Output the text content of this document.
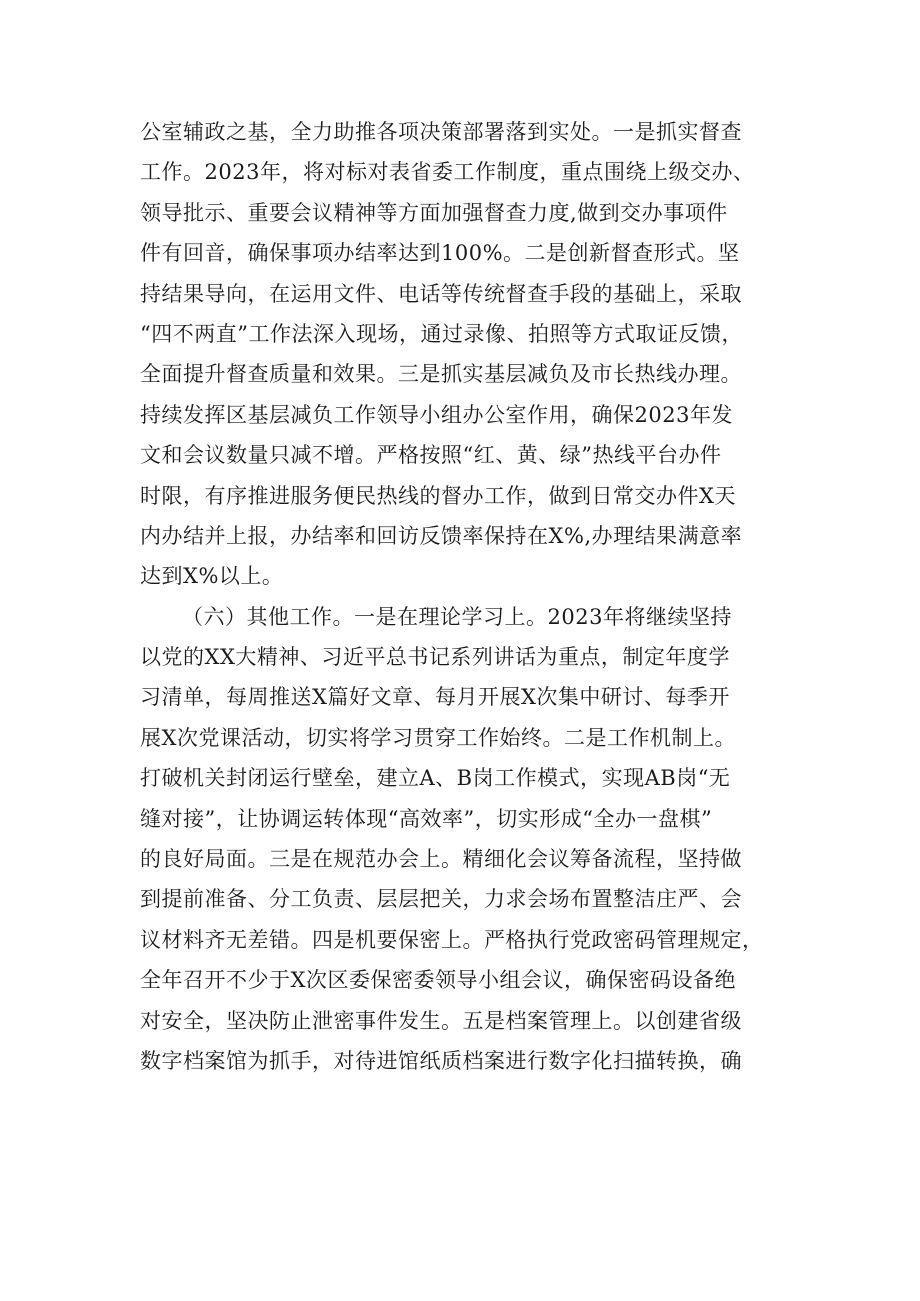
公室辅政之基，全力助推各项决策部署落到实处。一是抓实督查
工作。2023年，将对标对表省委工作制度，重点围绕上级交办、
领导批示、重要会议精神等方面加强督查力度,做到交办事项件
件有回音，确保事项办结率达到100%。二是创新督查形式。坚
持结果导向，在运用文件、电话等传统督查手段的基础上，采取
“四不两直”工作法深入现场，通过录像、拍照等方式取证反馈，
全面提升督查质量和效果。三是抓实基层减负及市长热线办理。
持续发挥区基层减负工作领导小组办公室作用，确保2023年发
文和会议数量只减不增。严格按照“红、黄、绿”热线平台办件
时限，有序推进服务便民热线的督办工作，做到日常交办件X天
内办结并上报，办结率和回访反馈率保持在X%,办理结果满意率
达到X%以上。
（六）其他工作。一是在理论学习上。2023年将继续坚持
以党的XX大精神、习近平总书记系列讲话为重点，制定年度学
习清单，每周推送X篇好文章、每月开展X次集中研讨、每季开
展X次党课活动，切实将学习贯穿工作始终。二是工作机制上。
打破机关封闭运行壁垒，建立A、B岗工作模式，实现AB岗“无
缝对接”，让协调运转体现“高效率”，切实形成“全办一盘棋”
的良好局面。三是在规范办会上。精细化会议筹备流程，坚持做
到提前准备、分工负责、层层把关，力求会场布置整洁庄严、会
议材料齐无差错。四是机要保密上。严格执行党政密码管理规定，
全年召开不少于X次区委保密委领导小组会议，确保密码设备绝
对安全，坚决防止泄密事件发生。五是档案管理上。以创建省级
数字档案馆为抓手，对待进馆纸质档案进行数字化扫描转换，确
